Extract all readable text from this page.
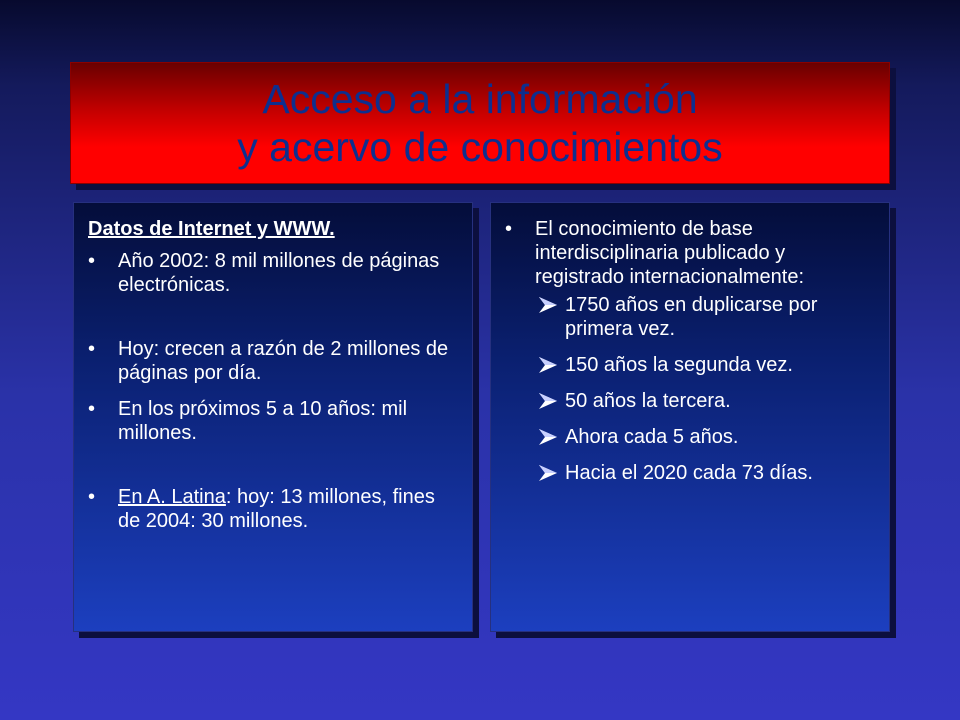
Acceso a la información
y acervo de conocimientos
Datos de Internet y WWW.
• Año 2002: 8 mil millones de páginas electrónicas.
• Hoy: crecen a razón de 2 millones de páginas por día.
• En los próximos 5 a 10 años: mil millones.
• En A. Latina: hoy: 13 millones, fines de 2004: 30 millones.
• El conocimiento de base interdisciplinaria publicado y registrado internacionalmente:
1750 años en duplicarse por primera vez.
150 años la segunda vez.
50 años la tercera.
Ahora cada 5 años.
Hacia el 2020 cada 73 días.
